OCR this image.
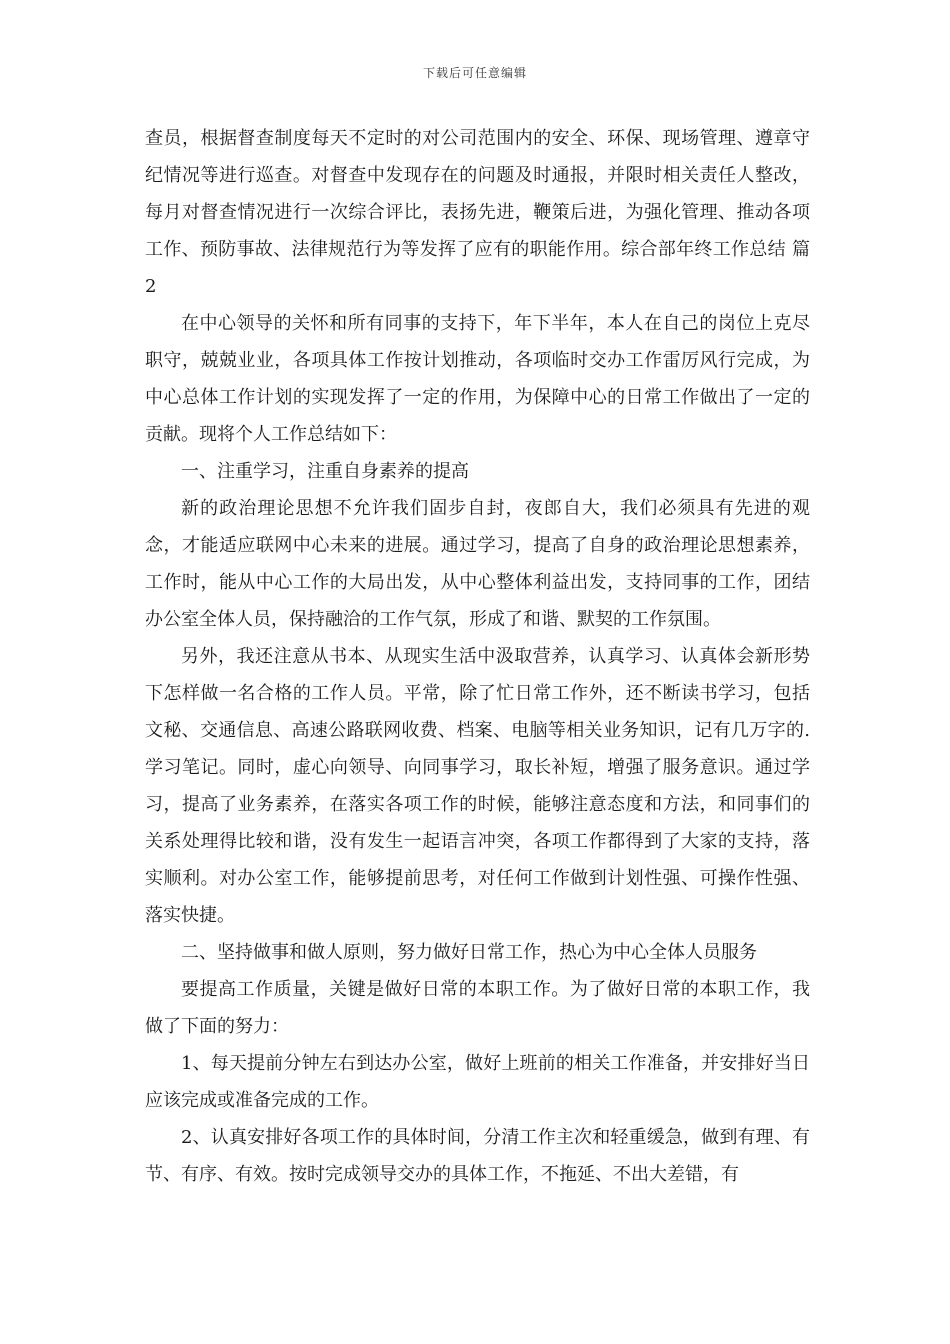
下载后可任意编辑

查员，根据督查制度每天不定时的对公司范围内的安全、环保、现场管理、遵章守纪情况等进行巡查。对督查中发现存在的问题及时通报，并限时相关责任人整改，每月对督查情况进行一次综合评比，表扬先进，鞭策后进，为强化管理、推动各项工作、预防事故、法律规范行为等发挥了应有的职能作用。综合部年终工作总结 篇2

在中心领导的关怀和所有同事的支持下，年下半年，本人在自己的岗位上克尽职守，兢兢业业，各项具体工作按计划推动，各项临时交办工作雷厉风行完成，为中心总体工作计划的实现发挥了一定的作用，为保障中心的日常工作做出了一定的贡献。现将个人工作总结如下：

一、注重学习，注重自身素养的提高

新的政治理论思想不允许我们固步自封，夜郎自大，我们必须具有先进的观念，才能适应联网中心未来的进展。通过学习，提高了自身的政治理论思想素养，工作时，能从中心工作的大局出发，从中心整体利益出发，支持同事的工作，团结办公室全体人员，保持融洽的工作气氛，形成了和谐、默契的工作氛围。

另外，我还注意从书本、从现实生活中汲取营养，认真学习、认真体会新形势下怎样做一名合格的工作人员。平常，除了忙日常工作外，还不断读书学习，包括文秘、交通信息、高速公路联网收费、档案、电脑等相关业务知识，记有几万字的.学习笔记。同时，虚心向领导、向同事学习，取长补短，增强了服务意识。通过学习，提高了业务素养，在落实各项工作的时候，能够注意态度和方法，和同事们的关系处理得比较和谐，没有发生一起语言冲突，各项工作都得到了大家的支持，落实顺利。对办公室工作，能够提前思考，对任何工作做到计划性强、可操作性强、落实快捷。

二、坚持做事和做人原则，努力做好日常工作，热心为中心全体人员服务

要提高工作质量，关键是做好日常的本职工作。为了做好日常的本职工作，我做了下面的努力：

1、每天提前分钟左右到达办公室，做好上班前的相关工作准备，并安排好当日应该完成或准备完成的工作。

2、认真安排好各项工作的具体时间，分清工作主次和轻重缓急，做到有理、有节、有序、有效。按时完成领导交办的具体工作，不拖延、不出大差错，有
